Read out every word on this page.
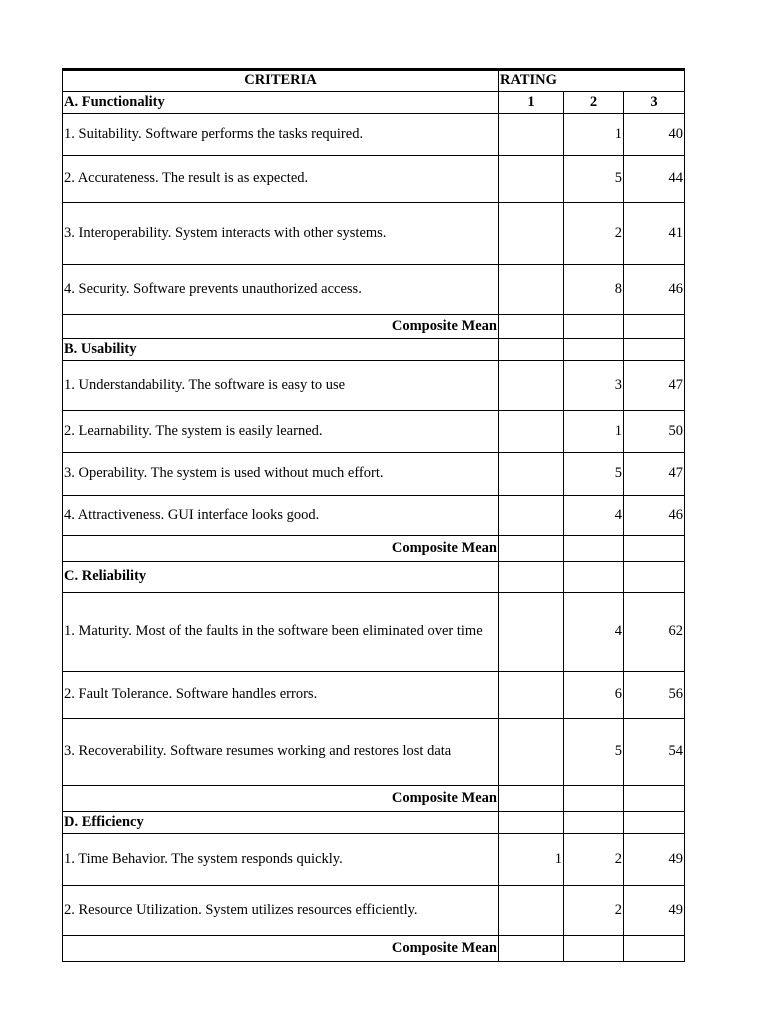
CRITERIA	RATING		
A. Functionality	1	2	3
1. Suitability. Software performs the tasks required.		1	40
2. Accurateness. The result is as expected.		5	44
3. Interoperability. System interacts with other systems.		2	41
4. Security. Software prevents unauthorized access.		8	46
Composite Mean			
B. Usability			
1. Understandability. The software is easy to use		3	47
2. Learnability. The system is easily learned.		1	50
3. Operability. The system is used without much effort.		5	47
4. Attractiveness. GUI interface looks good.		4	46
Composite Mean			
C. Reliability			
1. Maturity. Most of the faults in the software been eliminated over time		4	62
2. Fault Tolerance. Software handles errors.		6	56
3. Recoverability. Software resumes working and restores lost data		5	54
Composite Mean			
D. Efficiency			
1. Time Behavior. The system responds quickly.	1	2	49
2. Resource Utilization. System utilizes resources efficiently.		2	49
Composite Mean			
